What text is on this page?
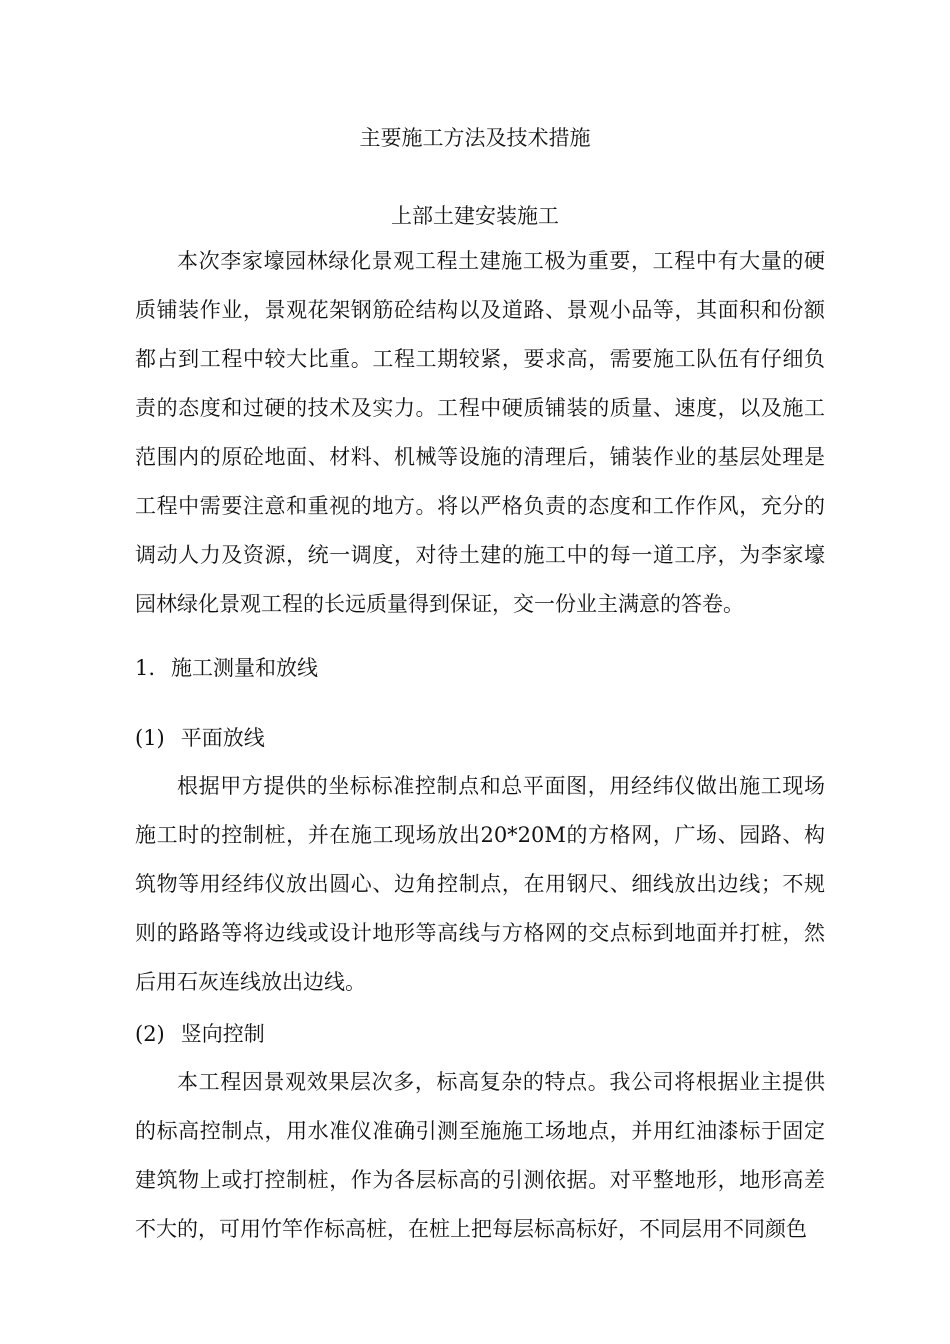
主要施工方法及技术措施
上部土建安装施工

本次李家壕园林绿化景观工程土建施工极为重要，工程中有大量的硬质铺装作业，景观花架钢筋砼结构以及道路、景观小品等，其面积和份额都占到工程中较大比重。工程工期较紧，要求高，需要施工队伍有仔细负责的态度和过硬的技术及实力。工程中硬质铺装的质量、速度，以及施工范围内的原砼地面、材料、机械等设施的清理后，铺装作业的基层处理是工程中需要注意和重视的地方。将以严格负责的态度和工作作风，充分的调动人力及资源，统一调度，对待土建的施工中的每一道工序，为李家壕园林绿化景观工程的长远质量得到保证，交一份业主满意的答卷。

1. 施工测量和放线
(1) 平面放线

根据甲方提供的坐标标准控制点和总平面图，用经纬仪做出施工现场施工时的控制桩，并在施工现场放出20*20M的方格网，广场、园路、构筑物等用经纬仪放出圆心、边角控制点，在用钢尺、细线放出边线；不规则的路路等将边线或设计地形等高线与方格网的交点标到地面并打桩，然后用石灰连线放出边线。

(2) 竖向控制

本工程因景观效果层次多，标高复杂的特点。我公司将根据业主提供的标高控制点，用水准仪准确引测至施施工场地点，并用红油漆标于固定建筑物上或打控制桩，作为各层标高的引测依据。对平整地形，地形高差不大的，可用竹竿作标高桩，在桩上把每层标高标好，不同层用不同颜色
